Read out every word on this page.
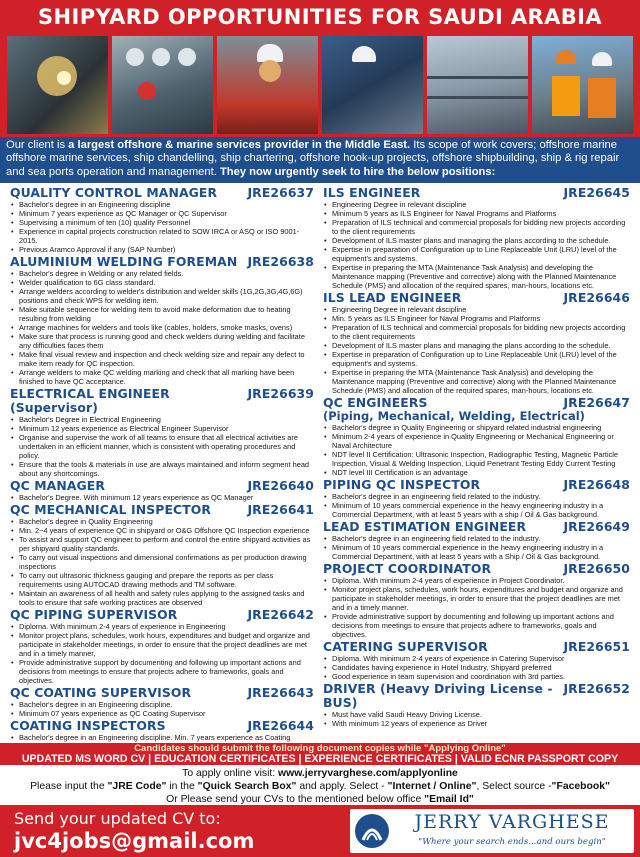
SHIPYARD OPPORTUNITIES FOR SAUDI ARABIA
Our client is a largest offshore & marine services provider in the Middle East. Its scope of work covers; offshore marine offshore marine services, ship chandelling, ship chartering, offshore hook-up projects, offshore shipbuilding, ship & rig repair and sea ports operation and management. They now urgently seek to hire the below positions:
QUALITY CONTROL MANAGER JRE26637
• Bachelor's degree in an Engineering discipline
• Minimum 7 years experience as QC Manager or QC Supervisor
• Supervising a minimum of ten (10) quality Personnel
• Experience in capital projects construction related to SOW IRCA or ASQ or ISO 9001-2015.
• Previous Aramco Approval if any (SAP Number)
ALUMINIUM WELDING FOREMAN JRE26638
• Bachelor's degree in Welding or any related fields.
• Welder qualification to 6G class standard.
• Arrange welders according to welder's distribution and welder skills (1G,2G,3G,4G,6G) positions and check WPS for welding item.
• Make suitable sequence for welding item to avoid make deformation due to heating resulting from welding
• Arrange machines for welders and tools like (cables, holders, smoke masks, ovens)
• Make sure that process is running good and check welders during welding and facilitate any difficulties faces them
• Make final visual review and inspection and check welding size and repair any defect to make item ready for QC inspection.
• Arrange welders to make QC welding marking and check that all marking have been finished to have QC acceptance.
ELECTRICAL ENGINEER (Supervisor)
JRE26639
• Bachelor's Degree in Electrical Engineering
• Minimum 12 years experience as Electrical Engineer Supervisor
• Organise and supervise the work of all teams to ensure that all electrical activities are undertaken in an efficient manner, which is consistent with operating procedures and policy.
• Ensure that the tools & materials in use are always maintained and inform segment head about any shortcomings.
QC MANAGER	JRE26640
• Bachelor's Degree. With minimum 12 years experience as QC Manager
QC MECHANICAL INSPECTOR	JRE26641
• Bachelor's degree in Quality Engineering
• Min. 2~4 years of experience QC in shipyard or O&G Offshore QC Inspection experience
• To assist and support QC engineer to perform and control the entire shipyard activities as per shipyard quality standards.
• To carry out visual inspections and dimensional confirmations as per production drawing inspections
• To carry out ultrasonic thickness gauging and prepare the reports as per class requirements using AUTOCAD drawing methods and TM software.
• Maintain an awareness of all health and safety rules applying to the assigned tasks and tools to ensure that safe working practices are observed
QC PIPING SUPERVISOR	JRE26642
• Diploma. With minimum 2-4 years of experience in Engineering
• Monitor project plans, schedules, work hours, expenditures and budget and organize and participate in stakeholder meetings, in order to ensure that the project deadlines are met and in a timely manner,
• Provide administrative support by documenting and following up important actions and decisions from meetings to ensure that projects adhere to frameworks, goals and objectives.
QC COATING SUPERVISOR	JRE26643
• Bachelor's degree in an Engineering discipline.
• Minimum 07 years experience as QC Coating Supervisor
COATING INSPECTORS	JRE26644
• Bachelor's degree in an Engineering discipline. Min. 7 years experience as Coating
ILS ENGINEER	JRE26645
• Engineering Degree in relevant discipline
• Minimum 5 years as ILS Engineer for Naval Programs and Platforms
• Preparation of ILS technical and commercial proposals for bidding new projects according to the client requirements
• Development of ILS master plans and managing the plans according to the schedule.
• Expertise in preparation of Configuration up to Line Replaceable Unit (LRU) level of the equipment's and systems.
• Expertise in preparing the MTA (Maintenance Task Analysis) and developing the Maintenance mapping (Preventive and corrective) along with the Planned Maintenance Schedule (PMS) and allocation of the required spares, man-hours, locations etc.
ILS LEAD ENGINEER	JRE26646
• Engineering Degree in relevant discipline
• Min. 5 years as ILS Engineer for Naval Programs and Platforms
• Preparation of ILS technical and commercial proposals for bidding new projects according to the client requirements
• Development of ILS master plans and managing the plans according to the schedule.
• Expertise in preparation of Configuration up to Line Replaceable Unit (LRU) level of the equipment's and systems.
• Expertise in preparing the MTA (Maintenance Task Analysis) and developing the Maintenance mapping (Preventive and corrective) along with the Planned Maintenance Schedule (PMS) and allocation of the required spares, man-hours, locations etc.
QC ENGINEERS	JRE26647
(Piping, Mechanical, Welding, Electrical)
• Bachelor's degree in Quality Engineering or shipyard related industrial engineering
• Minimum 2-4 years of experience in Quality Engineering or Mechanical Engineering or Naval Architecture
• NDT level II Certification: Ultrasonic Inspection, Radiographic Testing, Magnetic Particle Inspection, Visual & Welding Inspection, Liquid Penetrant Testing Eddy Current Testing
• NDT level III Certification is an advantage
PIPING QC INSPECTOR	JRE26648
• Bachelor's degree in an engineering field related to the industry.
• Minimum of 10 years commercial experience in the heavy engineering industry in a Commercial Department, with at least 5 years with a ship / Oil & Gas background.
LEAD ESTIMATION ENGINEER	JRE26649
• Bachelor's degree in an engineering field related to the industry.
• Minimum of 10 years commercial experience in the heavy engineering industry in a Commercial Department, with at least 5 years with a Ship / Oil & Gas background.
PROJECT COORDINATOR	JRE26650
• Diploma. With minimum 2-4 years of experience in Project Coordinator.
• Monitor project plans, schedules, work hours, expenditures and budget and organize and participate in stakeholder meetings, in order to ensure that the project deadlines are met and in a timely manner.
• Provide administrative support by documenting and following up important actions and decisions from meetings to ensure that projects adhere to frameworks, goals and objectives.
CATERING SUPERVISOR	JRE26651
• Diploma. With minimum 2-4 years of experience in Catering Supervisor
• Candidates having experience in Hotel Industry, Shipyard preferred
• Good experience in team supervision and coordination with 3rd parties.
DRIVER (Heavy Driving License - BUS)
JRE26652
• Must have valid Saudi Heavy Driving License.
• With minimum 12 years of experience as Driver
Candidates should submit the following document copies while "Applying Online"
UPDATED MS WORD CV | EDUCATION CERTIFICATES | EXPERIENCE CERTIFICATES | VALID ECNR PASSPORT COPY
To apply online visit: www.jerryvarghese.com/applyonline
Please input the "JRE Code" in the "Quick Search Box" and apply. Select - "Internet / Online", Select source -"Facebook"
Or Please send your CVs to the mentioned below office "Email Id"
Send your updated CV to:
jvc4jobs@gmail.com
JERRY VARGHESE
"Where your search ends...and ours begin"
